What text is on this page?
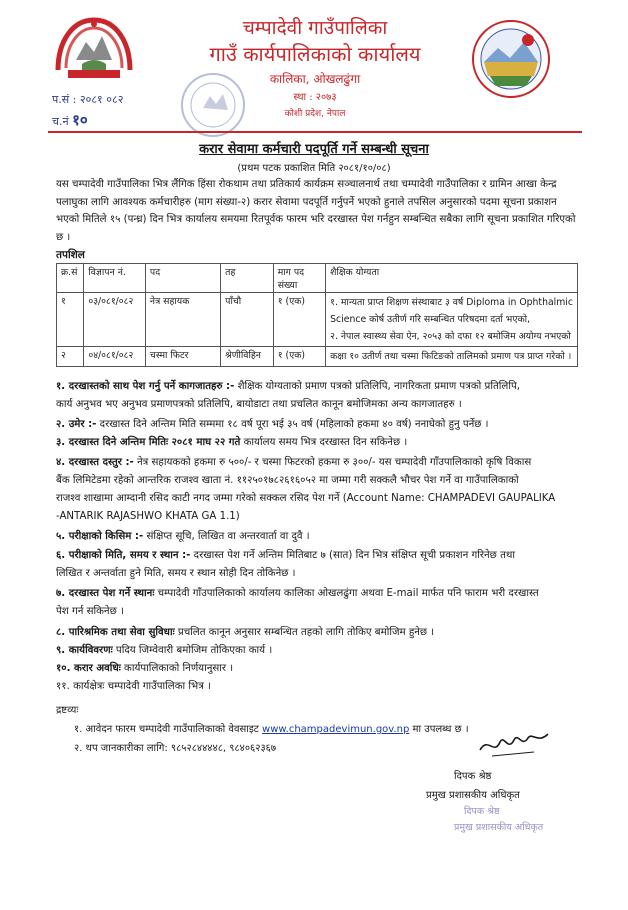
चम्पादेवी गाउँपालिका
गाउँ कार्यपालिकाको कार्यालय
कालिका, ओखलढुंगा
स्था : २०७३
कोशी प्रदेश, नेपाल
प.सं : २०८१ ०८२
च.नं १०
करार सेवामा कर्मचारी पदपूर्ति गर्ने सम्बन्धी सूचना
(प्रथम पटक प्रकाशित मिति २०८१/१०/०८)
यस चम्पादेवी गाउँपालिका भित्र लैंगिक हिंसा रोकथाम तथा प्रतिकार्य कार्यक्रम सञ्चालनार्थ तथा चम्पादेवी गाउँपालिका र ग्रामिन आखा केन्द्र पलाघुका लागि आवश्यक कर्मचारीहरु (माग संख्या-२) करार सेवामा पदपूर्ति गर्नुपर्ने भएको हुनाले तपसिल अनुसारको पदमा सूचना प्रकाशन भएको मितिले १५ (पन्ध्र) दिन भित्र कार्यालय समयमा रितपूर्वक फारम भरि दरखास्त पेश गर्नहुन सम्बन्धित सबैका लागि सूचना प्रकाशित गरिएको छ ।
तपशिल
क्र.सं	विज्ञापन नं.	पद	तह	माग पद संख्या	शैक्षिक योग्यता
१	०३/०८१/०८२	नेत्र सहायक	पाँचौ	१ (एक)	१. मान्यता प्राप्त शिक्षण संस्थाबाट ३ वर्ष Diploma in Ophthalmic
Science कोर्ष उतीर्ण गरि सम्बन्धित परिषदमा दर्ता भएको,
२. नेपाल स्वास्थ्य सेवा ऐन, २०५३ को दफा १२ बमोजिम अयोग्य नभएको

२	०४/०८१/०८२	चस्मा फिटर	श्रेणीविहिन	१ (एक)	कक्षा १० उतीर्ण तथा चस्मा फिटिङको तालिमको प्रमाण पत्र प्राप्त गरेको ।
१. दरखास्तको साथ पेश गर्नु पर्ने कागजातहरु :- शैक्षिक योग्यताको प्रमाण पत्रको प्रतिलिपि, नागरिकता प्रमाण पत्रको प्रतिलिपि,
कार्य अनुभव भए अनुभव प्रमाणपत्रको प्रतिलिपि, बायोडाटा तथा प्रचलित कानून बमोजिमका अन्य कागजातहरु ।
२. उमेर :- दरखास्त दिने अन्तिम मिति सम्ममा १८ वर्ष पूरा भई ३५ वर्ष (महिलाको हकमा ४० वर्ष) ननाघेको हुनु पर्नेछ ।
३. दरखास्त दिने अन्तिम मितिः २०८१ माघ २२ गते कार्यालय समय भित्र दरखास्त दिन सकिनेछ ।
४. दरखास्त दस्तुर :- नेत्र सहायकको हकमा रु ५००/- र चस्मा फिटरको हकमा रु ३००/- यस चम्पादेवी गाँउपालिकाको कृषि विकास
बैंक लिमिटेडमा रहेको आन्तरिक राजश्व खाता नं. ११२५०१७८२६१६०५२ मा जम्मा गरी सक्कलै भौचर पेश गर्ने वा गाउँपालिकाको
राजश्व शाखामा आम्दानी रसिद काटी नगद जम्मा गरेको सक्कल रसिद पेश गर्ने (Account Name: CHAMPADEVI GAUPALIKA
-ANTARIK RAJASHWO KHATA GA 1.1)
५. परीक्षाको किसिम :- संक्षिप्त सूचि, लिखित वा अन्तरवार्ता वा दुवै ।
६. परीक्षाको मिति, समय र स्थान :- दरखास्त पेश गर्ने अन्तिम मितिबाट ७ (सात) दिन भित्र संक्षिप्त सूची प्रकाशन गरिनेछ तथा
लिखित र अन्तर्वाता हुने मिति, समय र स्थान सोही दिन तोकिनेछ ।
७. दरखास्त पेश गर्ने स्थानः चम्पादेवी गाँउपालिकाको कार्यालय कालिका ओखलढुंगा अथवा E-mail मार्फत पनि फाराम भरी दरखास्त
पेश गर्न सकिनेछ ।
८. पारिश्रमिक तथा सेवा सुविधाः प्रचलित कानून अनुसार सम्बन्धित तहको लागि तोकिए बमोजिम हुनेछ ।
९. कार्यविवरणः पदिय जिम्वेवारी बमोजिम तोकिएका कार्य ।
१०. करार अवधिः कार्यपालिकाको निर्णयानुसार ।
११. कार्यक्षेत्रः चम्पादेवी गाउँपालिका भित्र ।
द्रष्टव्यः
१. आवेदन फारम चम्पादेवी गाउँपालिकाको वेवसाइट www.champadevimun.gov.np मा उपलब्ध छ ।
२. थप जानकारीका लागि: ९८५२८४४४४८, ९८४०६२३६७
दिपक श्रेष्ठ
प्रमुख प्रशासकीय अधिकृत
दिपक श्रेष्ठ
प्रमुख प्रशासकीय अधिकृत
